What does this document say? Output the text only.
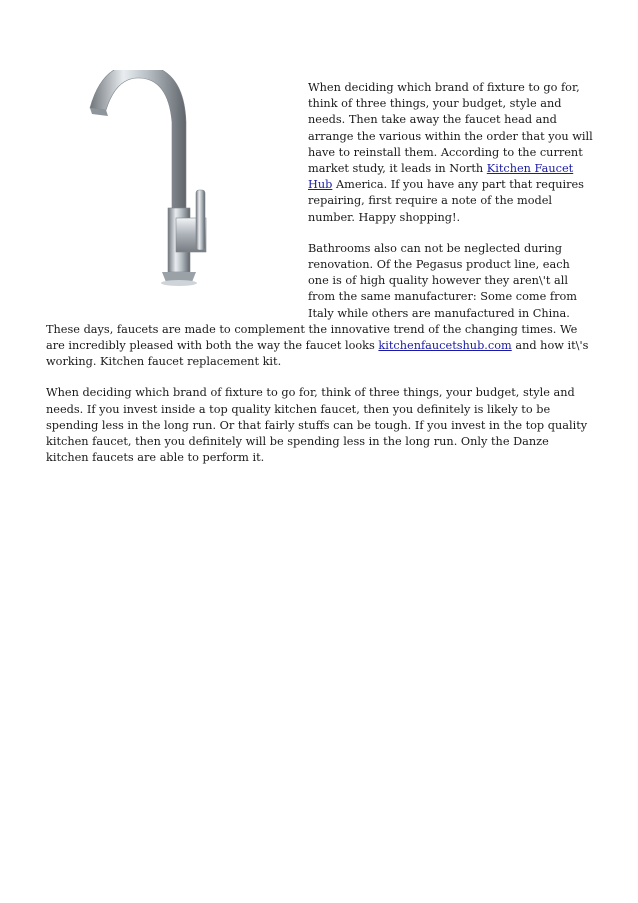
When deciding which brand of fixture to go for, think of three things, your budget, style and needs. Then take away the faucet head and arrange the various within the order that you will have to reinstall them. According to the current market study, it leads in North Kitchen Faucet Hub America. If you have any part that requires repairing, first require a note of the model number. Happy shopping!.

Bathrooms also can not be neglected during renovation. Of the Pegasus product line, each one is of high quality however they aren\'t all from the same manufacturer: Some come from Italy while others are manufactured in China. These days, faucets are made to complement the innovative trend of the changing times. We are incredibly pleased with both the way the faucet looks kitchenfaucetshub.com and how it\'s working. Kitchen faucet replacement kit.

When deciding which brand of fixture to go for, think of three things, your budget, style and needs. If you invest inside a top quality kitchen faucet, then you definitely is likely to be spending less in the long run. Or that fairly stuffs can be tough. If you invest in the top quality kitchen faucet, then you definitely will be spending less in the long run. Only the Danze kitchen faucets are able to perform it.
